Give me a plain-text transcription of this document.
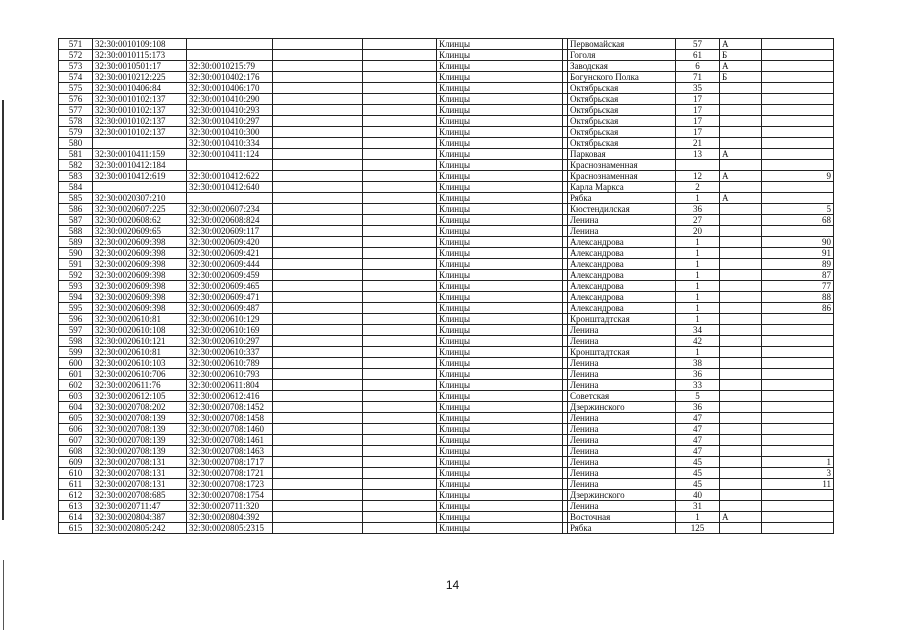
571	32:30:0010109:108				Клинцы		Первомайская	57	А	
572	32:30:0010115:173				Клинцы		Гоголя	61	Б	
573	32:30:0010501:17	32:30:0010215:79			Клинцы		Заводская	6	А	
574	32:30:0010212:225	32:30:0010402:176			Клинцы		Богунского Полка	71	Б	
575	32:30:0010406:84	32:30:0010406:170			Клинцы		Октябрьская	35		
576	32:30:0010102:137	32:30:0010410:290			Клинцы		Октябрьская	17		
577	32:30:0010102:137	32:30:0010410:293			Клинцы		Октябрьская	17		
578	32:30:0010102:137	32:30:0010410:297			Клинцы		Октябрьская	17		
579	32:30:0010102:137	32:30:0010410:300			Клинцы		Октябрьская	17		
580		32:30:0010410:334			Клинцы		Октябрьская	21		
581	32:30:0010411:159	32:30:0010411:124			Клинцы		Парковая	13	А	
582	32:30:0010412:184				Клинцы		Краснознаменная			
583	32:30:0010412:619	32:30:0010412:622			Клинцы		Краснознаменная	12	А	9
584		32:30:0010412:640			Клинцы		Карла Маркса	2		
585	32:30:0020307:210				Клинцы		Рябка	1	А	
586	32:30:0020607:225	32:30:0020607:234			Клинцы		Кюстендилская	36		5
587	32:30:0020608:62	32:30:0020608:824			Клинцы		Ленина	27		68
588	32:30:0020609:65	32:30:0020609:117			Клинцы		Ленина	20		
589	32:30:0020609:398	32:30:0020609:420			Клинцы		Александрова	1		90
590	32:30:0020609:398	32:30:0020609:421			Клинцы		Александрова	1		91
591	32:30:0020609:398	32:30:0020609:444			Клинцы		Александрова	1		89
592	32:30:0020609:398	32:30:0020609:459			Клинцы		Александрова	1		87
593	32:30:0020609:398	32:30:0020609:465			Клинцы		Александрова	1		77
594	32:30:0020609:398	32:30:0020609:471			Клинцы		Александрова	1		88
595	32:30:0020609:398	32:30:0020609:487			Клинцы		Александрова	1		86
596	32:30:0020610:81	32:30:0020610:129			Клинцы		Кронштадтская	1		
597	32:30:0020610:108	32:30:0020610:169			Клинцы		Ленина	34		
598	32:30:0020610:121	32:30:0020610:297			Клинцы		Ленина	42		
599	32:30:0020610:81	32:30:0020610:337			Клинцы		Кронштадтская	1		
600	32:30:0020610:103	32:30:0020610:789			Клинцы		Ленина	38		
601	32:30:0020610:706	32:30:0020610:793			Клинцы		Ленина	36		
602	32:30:0020611:76	32:30:0020611:804			Клинцы		Ленина	33		
603	32:30:0020612:105	32:30:0020612:416			Клинцы		Советская	5		
604	32:30:0020708:202	32:30:0020708:1452			Клинцы		Дзержинского	36		
605	32:30:0020708:139	32:30:0020708:1458			Клинцы		Ленина	47		
606	32:30:0020708:139	32:30:0020708:1460			Клинцы		Ленина	47		
607	32:30:0020708:139	32:30:0020708:1461			Клинцы		Ленина	47		
608	32:30:0020708:139	32:30:0020708:1463			Клинцы		Ленина	47		
609	32:30:0020708:131	32:30:0020708:1717			Клинцы		Ленина	45		1
610	32:30:0020708:131	32:30:0020708:1721			Клинцы		Ленина	45		3
611	32:30:0020708:131	32:30:0020708:1723			Клинцы		Ленина	45		11
612	32:30:0020708:685	32:30:0020708:1754			Клинцы		Дзержинского	40		
613	32:30:0020711:47	32:30:0020711:320			Клинцы		Ленина	31		
614	32:30:0020804:387	32:30:0020804:392			Клинцы		Восточная	1	А	
615	32:30:0020805:242	32:30:0020805:2315			Клинцы		Рябка	125		
14
